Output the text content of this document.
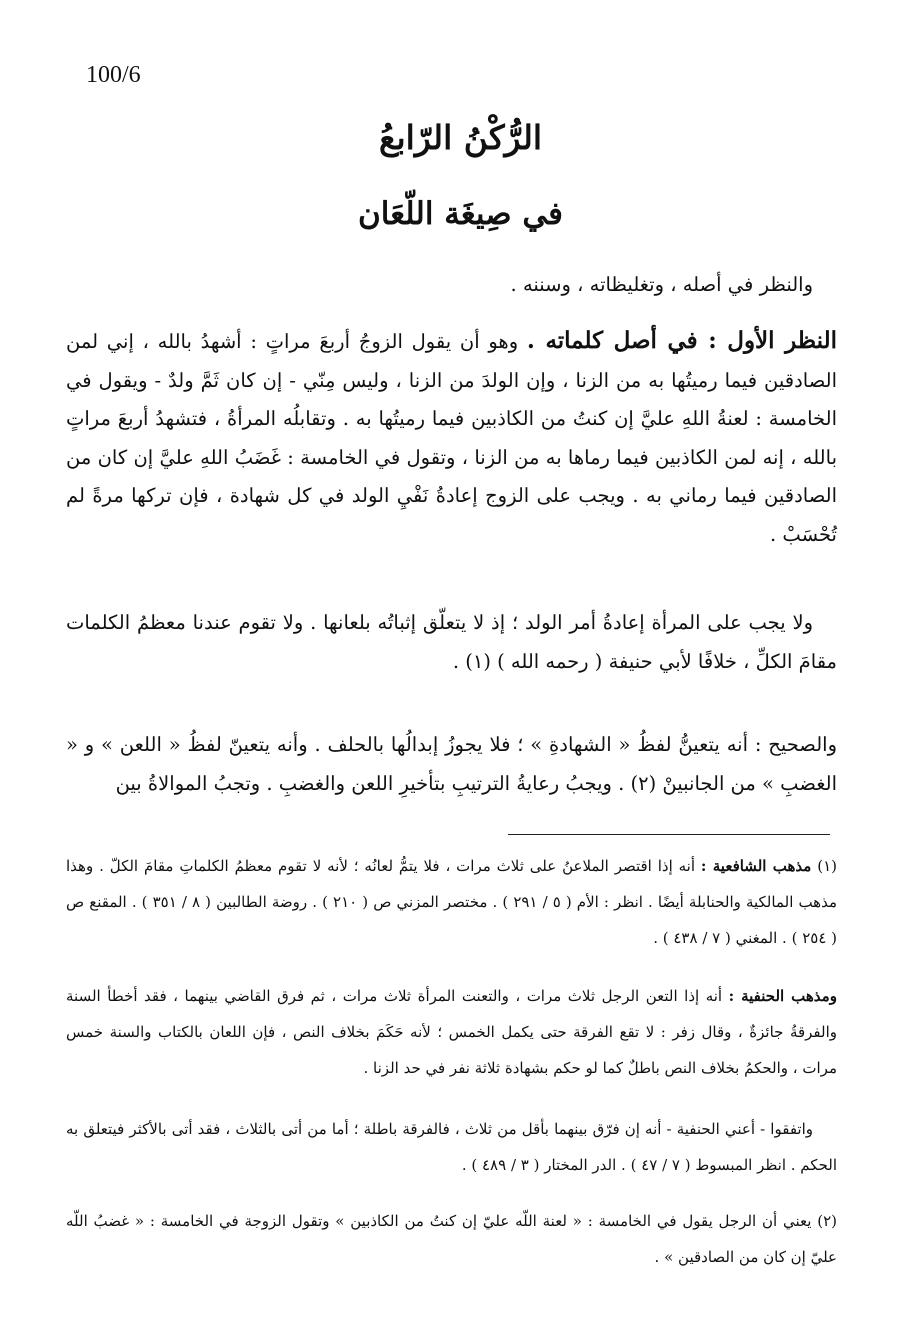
100/6
الرُّكْنُ الرّابعُ
في صِيغَة اللّعَان

والنظر في أصله ، وتغليظاته ، وسننه .

النظر الأول : في أصل كلماته . وهو أن يقول الزوجُ أربعَ مراتٍ : أشهدُ بالله ، إني لمن الصادقين فيما رميتُها به من الزنا ، وإن الولدَ من الزنا ، وليس مِنّي - إن كان ثَمَّ ولدٌ - ويقول في الخامسة : لعنةُ اللهِ عليَّ إن كنتُ من الكاذبين فيما رميتُها به . وتقابلُه المرأةُ ، فتشهدُ أربعَ مراتٍ بالله ، إنه لمن الكاذبين فيما رماها به من الزنا ، وتقول في الخامسة : غَضَبُ اللهِ عليَّ إن كان من الصادقين فيما رماني به . ويجب على الزوج إعادةُ نَفْيِ الولد في كل شهادة ، فإن تركها مرةً لم تُحْسَبْ .

ولا يجب على المرأة إعادةُ أمر الولد ؛ إذ لا يتعلّق إثباتُه بلعانها . ولا تقوم عندنا معظمُ الكلمات مقامَ الكلِّ ، خلافًا لأبي حنيفة ( رحمه الله ) (١) .

والصحيح : أنه يتعينُّ لفظُ « الشهادةِ » ؛ فلا يجوزُ إبدالُها بالحلف . وأنه يتعينّ لفظُ « اللعن » و « الغضبِ » من الجانبينْ (٢) . ويجبُ رعايةُ الترتيبِ بتأخيرِ اللعن والغضبِ . وتجبُ الموالاةُ بين

(١) مذهب الشافعية : أنه إذا اقتصر الملاعنُ على ثلاث مرات ، فلا يتمُّ لعانُه ؛ لأنه لا تقوم معظمُ الكلماتِ مقامَ الكلّ . وهذا مذهب المالكية والحنابلة أيضًا . انظر : الأم ( ٥ / ٢٩١ ) . مختصر المزني ص ( ٢١٠ ) . روضة الطالبين ( ٨ / ٣٥١ ) . المقنع ص ( ٢٥٤ ) . المغني ( ٧ / ٤٣٨ ) .

ومذهب الحنفية : أنه إذا التعن الرجل ثلاث مرات ، والتعنت المرأة ثلاث مرات ، ثم فرق القاضي بينهما ، فقد أخطأ السنة والفرقةُ جائزةٌ ، وقال زفر : لا تقع الفرقة حتى يكمل الخمس ؛ لأنه حَكَمَ بخلاف النص ، فإن اللعان بالكتاب والسنة خمس مرات ، والحكمُ بخلاف النص باطلٌ كما لو حكم بشهادة ثلاثة نفر في حد الزنا .

واتفقوا - أعني الحنفية - أنه إن فرّق بينهما بأقل من ثلاث ، فالفرقة باطلة ؛ أما من أتى بالثلاث ، فقد أتى بالأكثر فيتعلق به الحكم . انظر المبسوط ( ٧ / ٤٧ ) . الدر المختار ( ٣ / ٤٨٩ ) .

(٢) يعني أن الرجل يقول في الخامسة : « لعنة اللّه عليّ إن كنتُ من الكاذبين » وتقول الزوجة في الخامسة : « غضبُ اللّه عليّ إن كان من الصادقين » .
